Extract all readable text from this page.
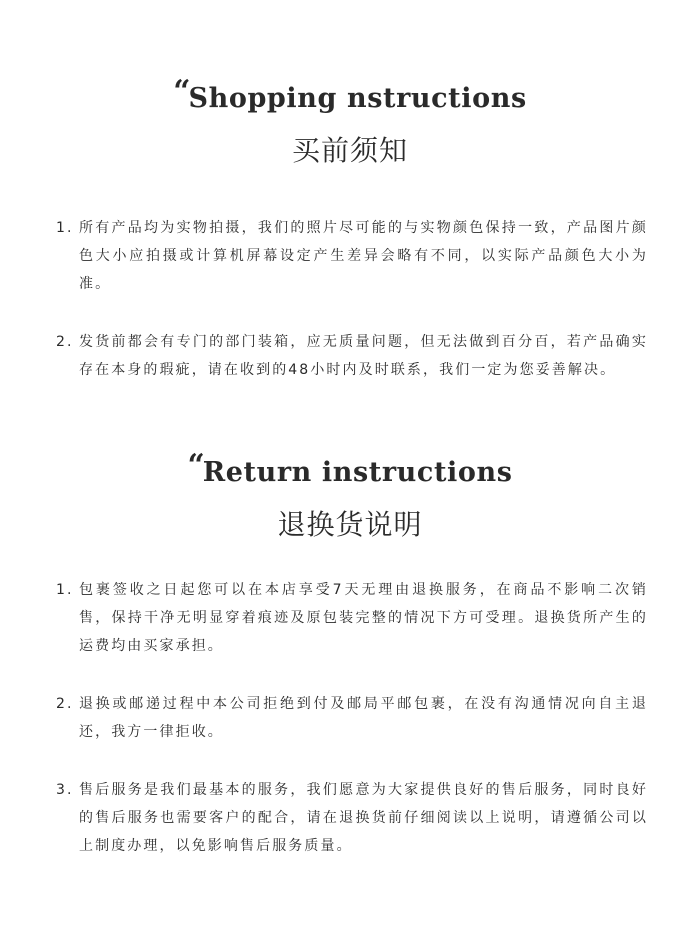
“Shopping nstructions
买前须知
1. 所有产品均为实物拍摄，我们的照片尽可能的与实物颜色保持一致，产品图片颜色大小应拍摄或计算机屏幕设定产生差异会略有不同，以实际产品颜色大小为准。
2. 发货前都会有专门的部门装箱，应无质量问题，但无法做到百分百，若产品确实存在本身的瑕疵，请在收到的48小时内及时联系，我们一定为您妥善解决。
“Return instructions
退换货说明
1. 包裹签收之日起您可以在本店享受7天无理由退换服务，在商品不影响二次销售，保持干净无明显穿着痕迹及原包装完整的情况下方可受理。退换货所产生的运费均由买家承担。
2. 退换或邮递过程中本公司拒绝到付及邮局平邮包裹，在没有沟通情况向自主退还，我方一律拒收。
3. 售后服务是我们最基本的服务，我们愿意为大家提供良好的售后服务，同时良好的售后服务也需要客户的配合，请在退换货前仔细阅读以上说明，请遵循公司以上制度办理，以免影响售后服务质量。
